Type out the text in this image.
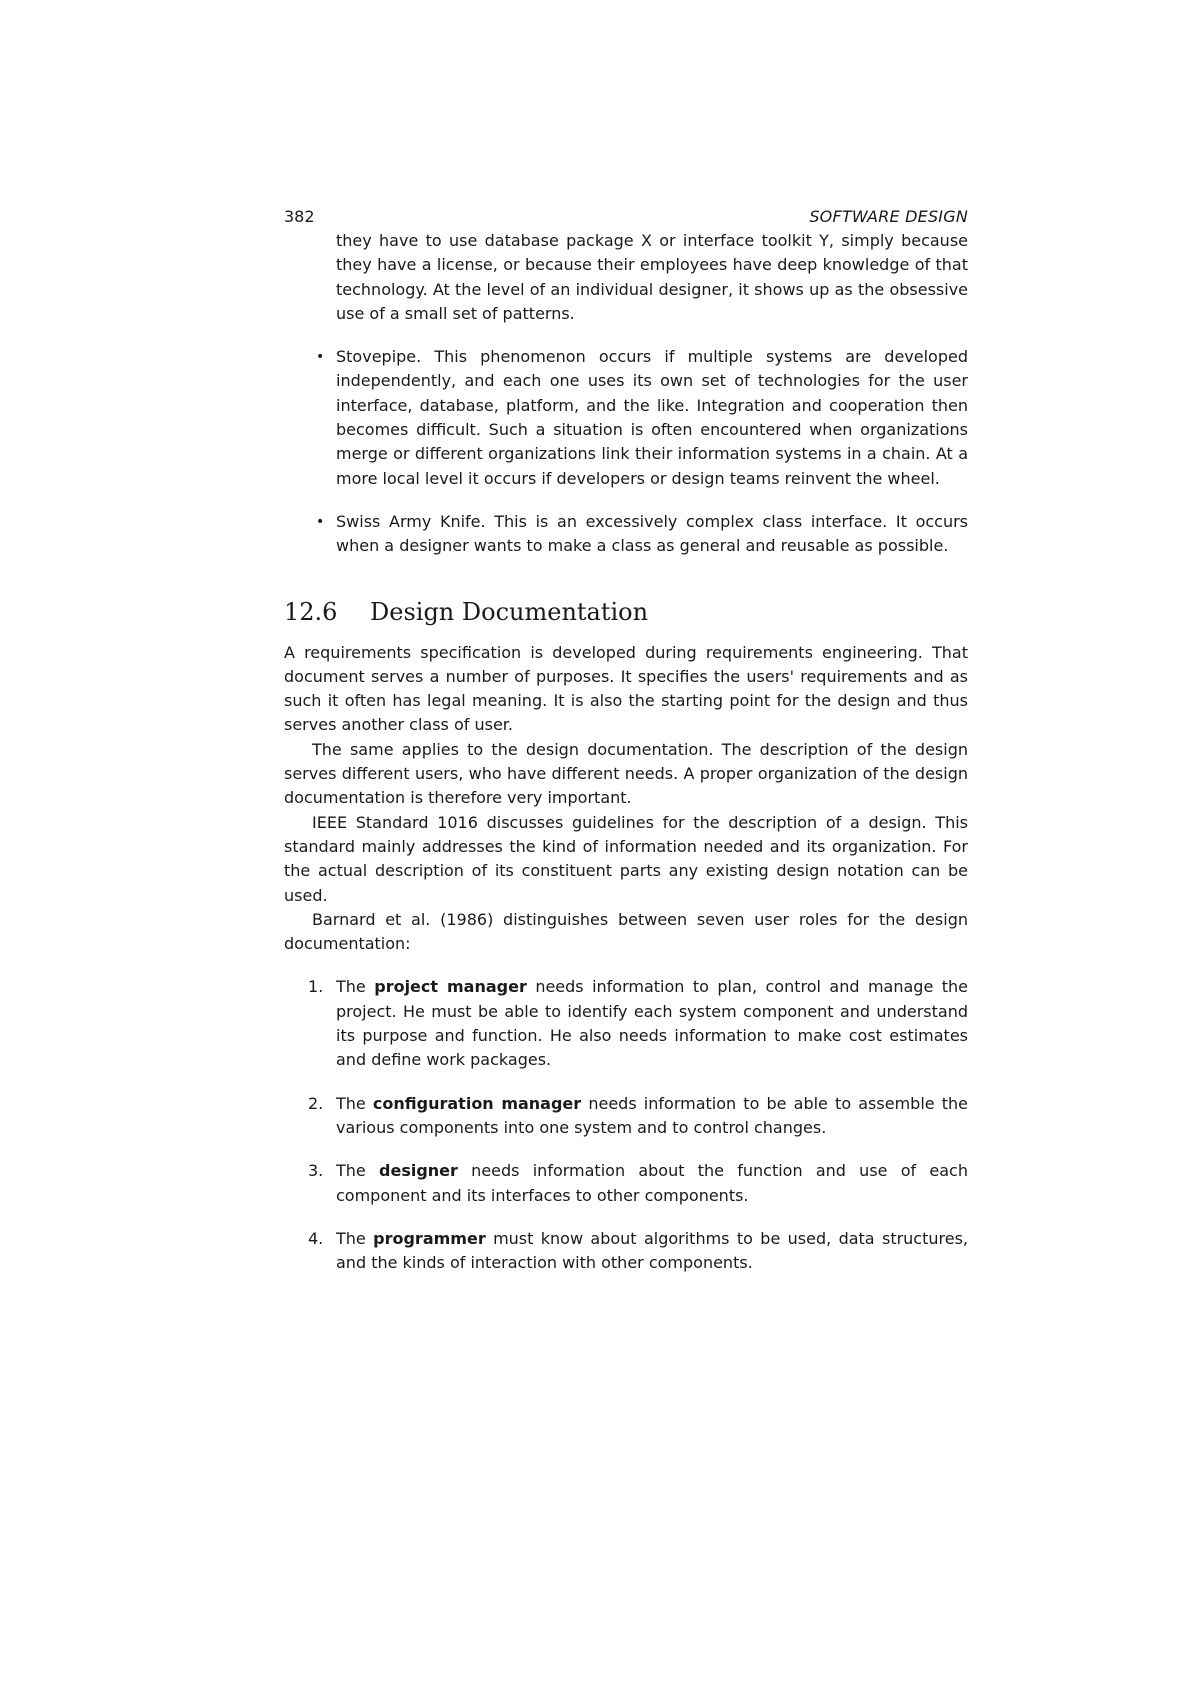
382	SOFTWARE DESIGN

they have to use database package X or interface toolkit Y, simply because they have a license, or because their employees have deep knowledge of that technology. At the level of an individual designer, it shows up as the obsessive use of a small set of patterns.

• Stovepipe. This phenomenon occurs if multiple systems are developed independently, and each one uses its own set of technologies for the user interface, database, platform, and the like. Integration and cooperation then becomes difficult. Such a situation is often encountered when organizations merge or different organizations link their information systems in a chain. At a more local level it occurs if developers or design teams reinvent the wheel.
• Swiss Army Knife. This is an excessively complex class interface. It occurs when a designer wants to make a class as general and reusable as possible.
12.6	Design Documentation

A requirements specification is developed during requirements engineering. That document serves a number of purposes. It specifies the users' requirements and as such it often has legal meaning. It is also the starting point for the design and thus serves another class of user.

The same applies to the design documentation. The description of the design serves different users, who have different needs. A proper organization of the design documentation is therefore very important.

IEEE Standard 1016 discusses guidelines for the description of a design. This standard mainly addresses the kind of information needed and its organization. For the actual description of its constituent parts any existing design notation can be used.

Barnard et al. (1986) distinguishes between seven user roles for the design documentation:

1. The project manager needs information to plan, control and manage the project. He must be able to identify each system component and understand its purpose and function. He also needs information to make cost estimates and define work packages.
2. The configuration manager needs information to be able to assemble the various components into one system and to control changes.
3. The designer needs information about the function and use of each component and its interfaces to other components.
4. The programmer must know about algorithms to be used, data structures, and the kinds of interaction with other components.
